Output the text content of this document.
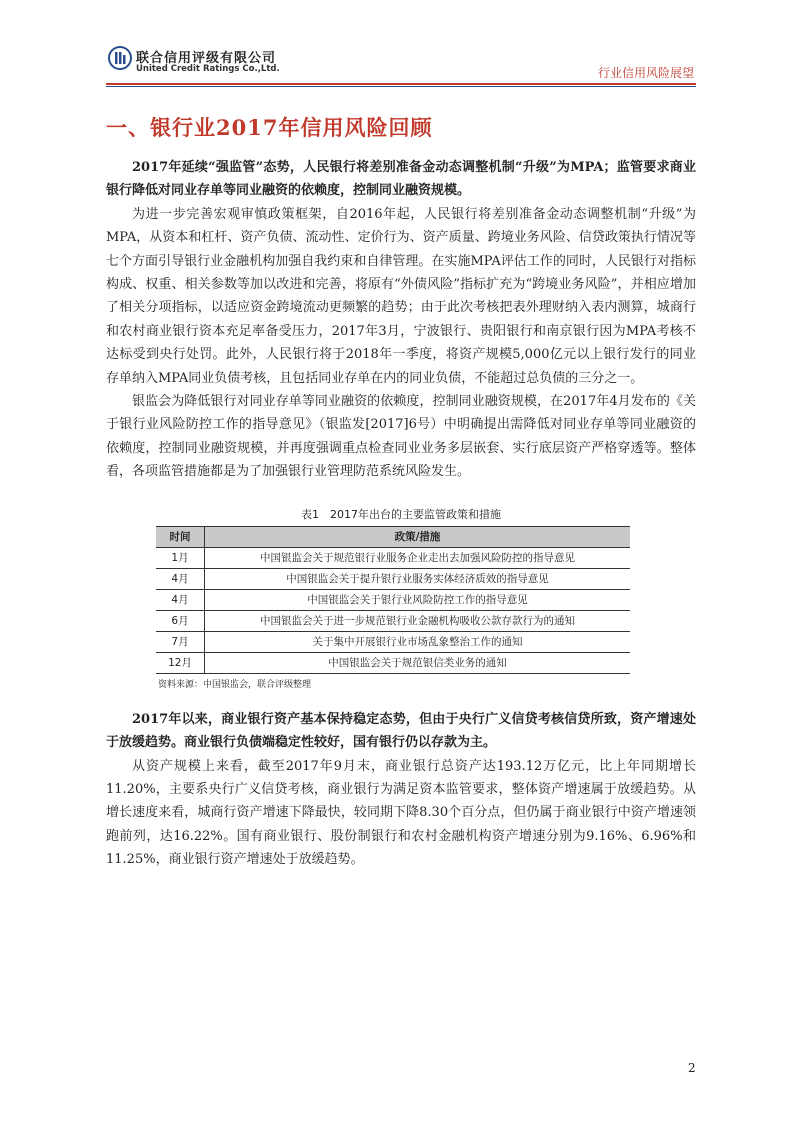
联合信用评级有限公司
United Credit Ratings Co.,Ltd.	行业信用风险展望
一、银行业2017年信用风险回顾

2017年延续“强监管”态势，人民银行将差别准备金动态调整机制“升级”为MPA；监管要求商业银行降低对同业存单等同业融资的依赖度，控制同业融资规模。

为进一步完善宏观审慎政策框架，自2016年起，人民银行将差别准备金动态调整机制“升级”为MPA，从资本和杠杆、资产负债、流动性、定价行为、资产质量、跨境业务风险、信贷政策执行情况等七个方面引导银行业金融机构加强自我约束和自律管理。在实施MPA评估工作的同时，人民银行对指标构成、权重、相关参数等加以改进和完善，将原有“外债风险”指标扩充为“跨境业务风险”，并相应增加了相关分项指标，以适应资金跨境流动更频繁的趋势；由于此次考核把表外理财纳入表内测算，城商行和农村商业银行资本充足率备受压力，2017年3月，宁波银行、贵阳银行和南京银行因为MPA考核不达标受到央行处罚。此外，人民银行将于2018年一季度，将资产规模5,000亿元以上银行发行的同业存单纳入MPA同业负债考核，且包括同业存单在内的同业负债，不能超过总负债的三分之一。

银监会为降低银行对同业存单等同业融资的依赖度，控制同业融资规模，在2017年4月发布的《关于银行业风险防控工作的指导意见》（银监发[2017]6号）中明确提出需降低对同业存单等同业融资的依赖度，控制同业融资规模，并再度强调重点检查同业业务多层嵌套、实行底层资产严格穿透等。整体看，各项监管措施都是为了加强银行业管理防范系统风险发生。

表1　2017年出台的主要监管政策和措施
时间	政策/措施
1月	中国银监会关于规范银行业服务企业走出去加强风险防控的指导意见
4月	中国银监会关于提升银行业服务实体经济质效的指导意见
4月	中国银监会关于银行业风险防控工作的指导意见
6月	中国银监会关于进一步规范银行业金融机构吸收公款存款行为的通知
7月	关于集中开展银行业市场乱象整治工作的通知
12月	中国银监会关于规范银信类业务的通知
资料来源：中国银监会，联合评级整理

2017年以来，商业银行资产基本保持稳定态势，但由于央行广义信贷考核信贷所致，资产增速处于放缓趋势。商业银行负债端稳定性较好，国有银行仍以存款为主。

从资产规模上来看，截至2017年9月末，商业银行总资产达193.12万亿元，比上年同期增长11.20%，主要系央行广义信贷考核，商业银行为满足资本监管要求，整体资产增速属于放缓趋势。从增长速度来看，城商行资产增速下降最快，较同期下降8.30个百分点，但仍属于商业银行中资产增速领跑前列，达16.22%。国有商业银行、股份制银行和农村金融机构资产增速分别为9.16%、6.96%和11.25%，商业银行资产增速处于放缓趋势。

2
